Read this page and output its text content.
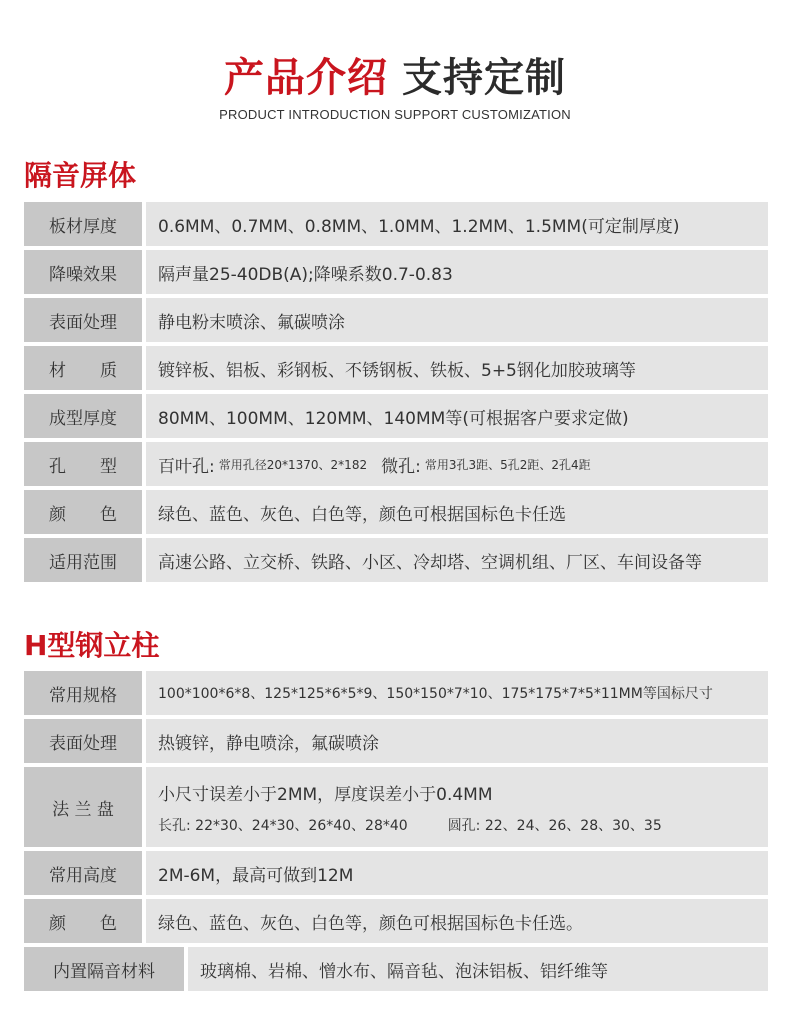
产品介绍 支持定制
PRODUCT INTRODUCTION SUPPORT CUSTOMIZATION
隔音屏体
板材厚度	0.6MM、0.7MM、0.8MM、1.0MM、1.2MM、1.5MM(可定制厚度)
降噪效果	隔声量25-40DB(A);降噪系数0.7-0.83
表面处理	静电粉末喷涂、氟碳喷涂
材　　质	镀锌板、铝板、彩钢板、不锈钢板、铁板、5+5钢化加胶玻璃等
成型厚度	80MM、100MM、120MM、140MM等(可根据客户要求定做)
孔　　型	百叶孔: 常用孔径20*1370、2*182 微孔: 常用3孔3距、5孔2距、2孔4距
颜　　色	绿色、蓝色、灰色、白色等，颜色可根据国标色卡任选
适用范围	高速公路、立交桥、铁路、小区、冷却塔、空调机组、厂区、车间设备等
H型钢立柱
常用规格	100*100*6*8、125*125*6*5*9、150*150*7*10、175*175*7*5*11MM等国标尺寸
表面处理	热镀锌，静电喷涂，氟碳喷涂
法 兰 盘
小尺寸误差小于2MM，厚度误差小于0.4MM
长孔: 22*30、24*30、26*40、28*40	圆孔: 22、24、26、28、30、35
常用高度	2M-6M，最高可做到12M
颜　　色	绿色、蓝色、灰色、白色等，颜色可根据国标色卡任选。
内置隔音材料	玻璃棉、岩棉、憎水布、隔音毡、泡沫铝板、铝纤维等
